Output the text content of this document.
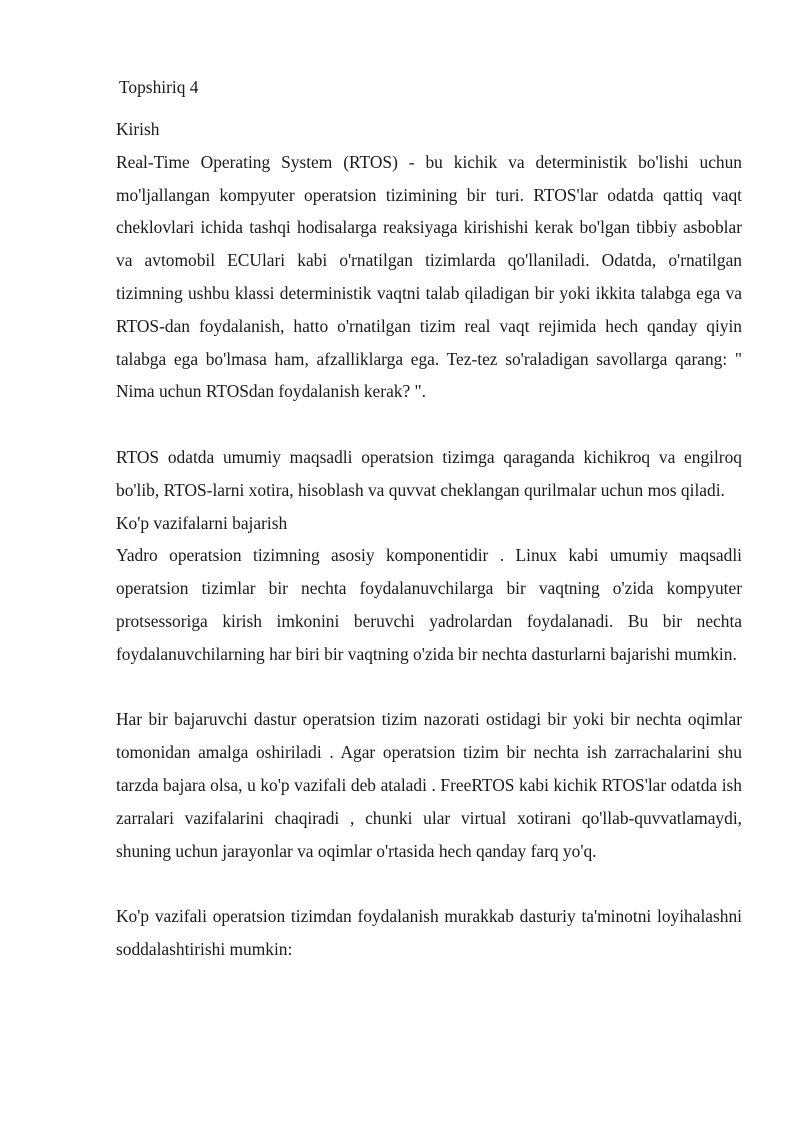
Topshiriq 4
Kirish

Real-Time Operating System (RTOS) - bu kichik va deterministik bo'lishi uchun mo'ljallangan kompyuter operatsion tizimining bir turi. RTOS'lar odatda qattiq vaqt cheklovlari ichida tashqi hodisalarga reaksiyaga kirishishi kerak bo'lgan tibbiy asboblar va avtomobil ECUlari kabi o'rnatilgan tizimlarda qo'llaniladi. Odatda, o'rnatilgan tizimning ushbu klassi deterministik vaqtni talab qiladigan bir yoki ikkita talabga ega va RTOS-dan foydalanish, hatto o'rnatilgan tizim real vaqt rejimida hech qanday qiyin talabga ega bo'lmasa ham, afzalliklarga ega. Tez-tez so'raladigan savollarga qarang: " Nima uchun RTOSdan foydalanish kerak? ".

RTOS odatda umumiy maqsadli operatsion tizimga qaraganda kichikroq va engilroq bo'lib, RTOS-larni xotira, hisoblash va quvvat cheklangan qurilmalar uchun mos qiladi.

Ko'p vazifalarni bajarish

Yadro operatsion tizimning asosiy komponentidir . Linux kabi umumiy maqsadli operatsion tizimlar bir nechta foydalanuvchilarga bir vaqtning o'zida kompyuter protsessoriga kirish imkonini beruvchi yadrolardan foydalanadi. Bu bir nechta foydalanuvchilarning har biri bir vaqtning o'zida bir nechta dasturlarni bajarishi mumkin.

Har bir bajaruvchi dastur operatsion tizim nazorati ostidagi bir yoki bir nechta oqimlar tomonidan amalga oshiriladi . Agar operatsion tizim bir nechta ish zarrachalarini shu tarzda bajara olsa, u ko'p vazifali deb ataladi . FreeRTOS kabi kichik RTOS'lar odatda ish zarralari vazifalarini chaqiradi , chunki ular virtual xotirani qo'llab-quvvatlamaydi, shuning uchun jarayonlar va oqimlar o'rtasida hech qanday farq yo'q.

Ko'p vazifali operatsion tizimdan foydalanish murakkab dasturiy ta'minotni loyihalashni soddalashtirishi mumkin:
